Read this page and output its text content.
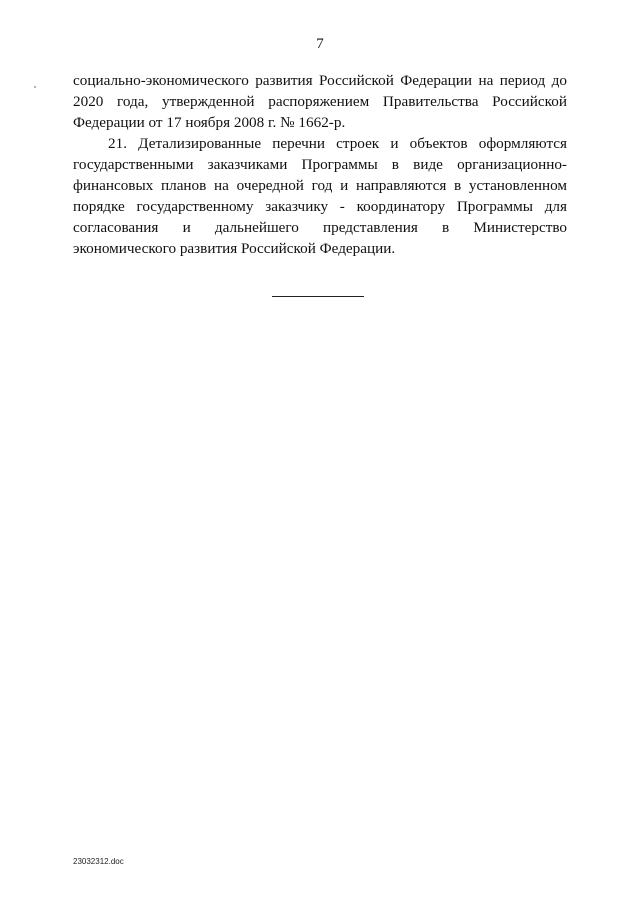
7

социально-экономического развития Российской Федерации на период до 2020 года, утвержденной распоряжением Правительства Российской Федерации от 17 ноября 2008 г. № 1662-р.

21. Детализированные перечни строек и объектов оформляются государственными заказчиками Программы в виде организационно-финансовых планов на очередной год и направляются в установленном порядке государственному заказчику - координатору Программы для согласования и дальнейшего представления в Министерство экономического развития Российской Федерации.

23032312.doc
